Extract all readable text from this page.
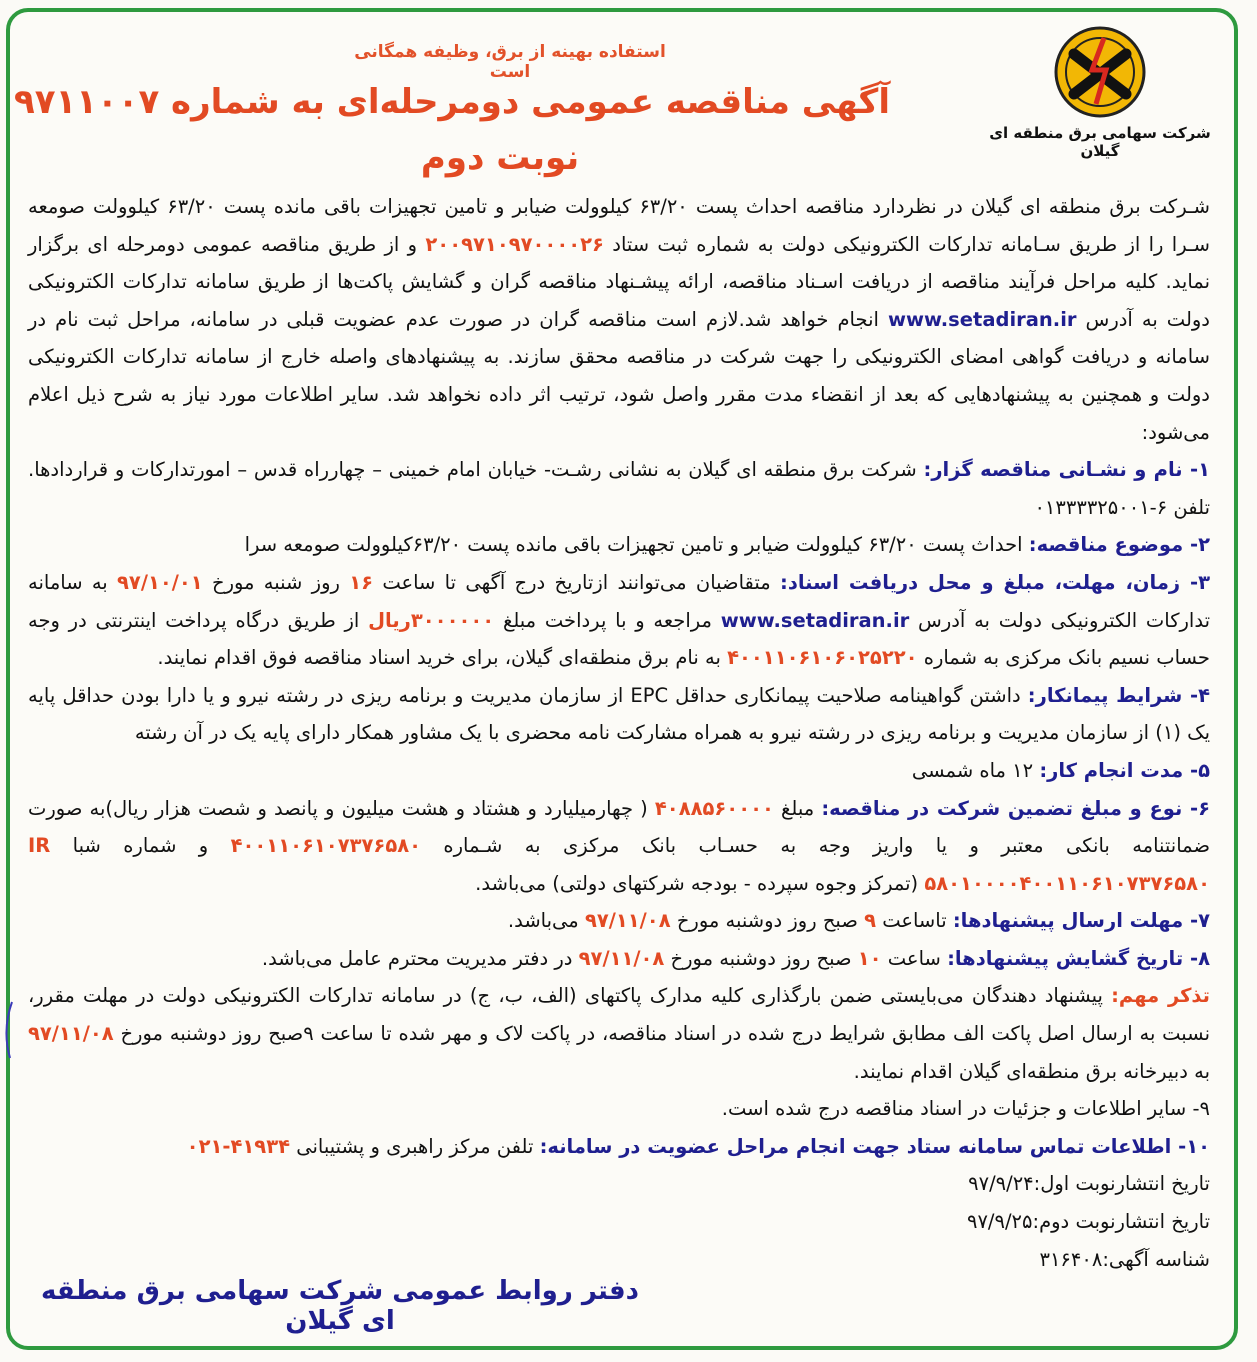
شرکت سهامی برق منطقه ای گیلان
استفاده بهینه از برق، وظیفه همگانی است
آگهی مناقصه عمومی دومرحله‌ای به شماره ۹۷۱۱۰۰۷
نوبت دوم

شـرکت برق منطقه ای گیلان در نظردارد مناقصه احداث پست ۶۳/۲۰ کیلوولت ضیابر و تامین تجهیزات باقی مانده پست ۶۳/۲۰ کیلوولت صومعه سـرا را از طریق سـامانه تدارکات الکترونیکی دولت به شماره ثبت ستاد ۲۰۰۹۷۱۰۹۷۰۰۰۰۲۶ و از طریق مناقصه عمومی دومرحله ای برگزار نماید. کلیه مراحل فرآیند مناقصه از دریافت اسـناد مناقصه، ارائه پیشـنهاد مناقصه گران و گشایش پاکت‌ها از طریق سامانه تدارکات الکترونیکی دولت به آدرس www.setadiran.ir انجام خواهد شد.لازم است مناقصه گران در صورت عدم عضویت قبلی در سامانه، مراحل ثبت نام در سامانه و دریافت گواهی امضای الکترونیکی را جهت شرکت در مناقصه محقق سازند. به پیشنهادهای واصله خارج از سامانه تدارکات الکترونیکی دولت و همچنین به پیشنهادهایی که بعد از انقضاء مدت مقرر واصل شود، ترتیب اثر داده نخواهد شد. سایر اطلاعات مورد نیاز به شرح ذیل اعلام می‌شود:

۱- نام و نشـانی مناقصه گزار: شرکت برق منطقه ای گیلان به نشانی رشـت- خیابان امام خمینی – چهارراه قدس – امورتدارکات و قراردادها. تلفن ۶-۰۱۳۳۳۳۲۵۰۰۱

۲- موضوع مناقصه: احداث پست ۶۳/۲۰ کیلوولت ضیابر و تامین تجهیزات باقی مانده پست ۶۳/۲۰کیلوولت صومعه سرا

۳- زمان، مهلت، مبلغ و محل دریافت اسناد: متقاضیان می‌توانند ازتاریخ درج آگهی تا ساعت ۱۶ روز شنبه مورخ ۹۷/۱۰/۰۱ به سامانه تدارکات الکترونیکی دولت به آدرس www.setadiran.ir مراجعه و با پرداخت مبلغ ۳۰۰۰۰۰۰ریال از طریق درگاه پرداخت اینترنتی در وجه حساب نسیم بانک مرکزی به شماره ۴۰۰۱۱۰۶۱۰۶۰۲۵۲۲۰ به نام برق منطقه‌ای گیلان، برای خرید اسناد مناقصه فوق اقدام نمایند.

۴- شرایط پیمانکار: داشتن گواهینامه صلاحیت پیمانکاری حداقل EPC از سازمان مدیریت و برنامه ریزی در رشته نیرو و یا دارا بودن حداقل پایه یک (۱) از سازمان مدیریت و برنامه ریزی در رشته نیرو به همراه مشارکت نامه محضری با یک مشاور همکار دارای پایه یک در آن رشته

۵- مدت انجام کار: ۱۲ ماه شمسی

۶- نوع و مبلغ تضمین شرکت در مناقصه: مبلغ ۴۰۸۸۵۶۰۰۰۰ ( چهارمیلیارد و هشتاد و هشت میلیون و پانصد و شصت هزار ریال)به صورت ضمانتنامه بانکی معتبر و یا واریز وجه به حسـاب بانک مرکزی به شـماره ۴۰۰۱۱۰۶۱۰۷۳۷۶۵۸۰ و شماره شبا IR ۵۸۰۱۰۰۰۰۴۰۰۱۱۰۶۱۰۷۳۷۶۵۸۰ (تمرکز وجوه سپرده - بودجه شرکتهای دولتی) می‌باشد.

۷- مهلت ارسال پیشنهادها: تاساعت ۹ صبح روز دوشنبه مورخ ۹۷/۱۱/۰۸ می‌باشد.

۸- تاریخ گشایش پیشنهادها: ساعت ۱۰ صبح روز دوشنبه مورخ ۹۷/۱۱/۰۸ در دفتر مدیریت محترم عامل می‌باشد.

تذکر مهم: پیشنهاد دهندگان می‌بایستی ضمن بارگذاری کلیه مدارک پاکتهای (الف، ب، ج) در سامانه تدارکات الکترونیکی دولت در مهلت مقرر، نسبت به ارسال اصل پاکت الف مطابق شرایط درج شده در اسناد مناقصه، در پاکت لاک و مهر شده تا ساعت ۹صبح روز دوشنبه مورخ ۹۷/۱۱/۰۸ به دبیرخانه برق منطقه‌ای گیلان اقدام نمایند.

۹- سایر اطلاعات و جزئیات در اسناد مناقصه درج شده است.

۱۰- اطلاعات تماس سامانه ستاد جهت انجام مراحل عضویت در سامانه: تلفن مرکز راهبری و پشتیبانی ۴۱۹۳۴-۰۲۱

تاریخ انتشارنوبت اول:۹۷/۹/۲۴

تاریخ انتشارنوبت دوم:۹۷/۹/۲۵

شناسه آگهی:۳۱۶۴۰۸

دفتر روابط عمومی شرکت سهامی برق منطقه ای گیلان
